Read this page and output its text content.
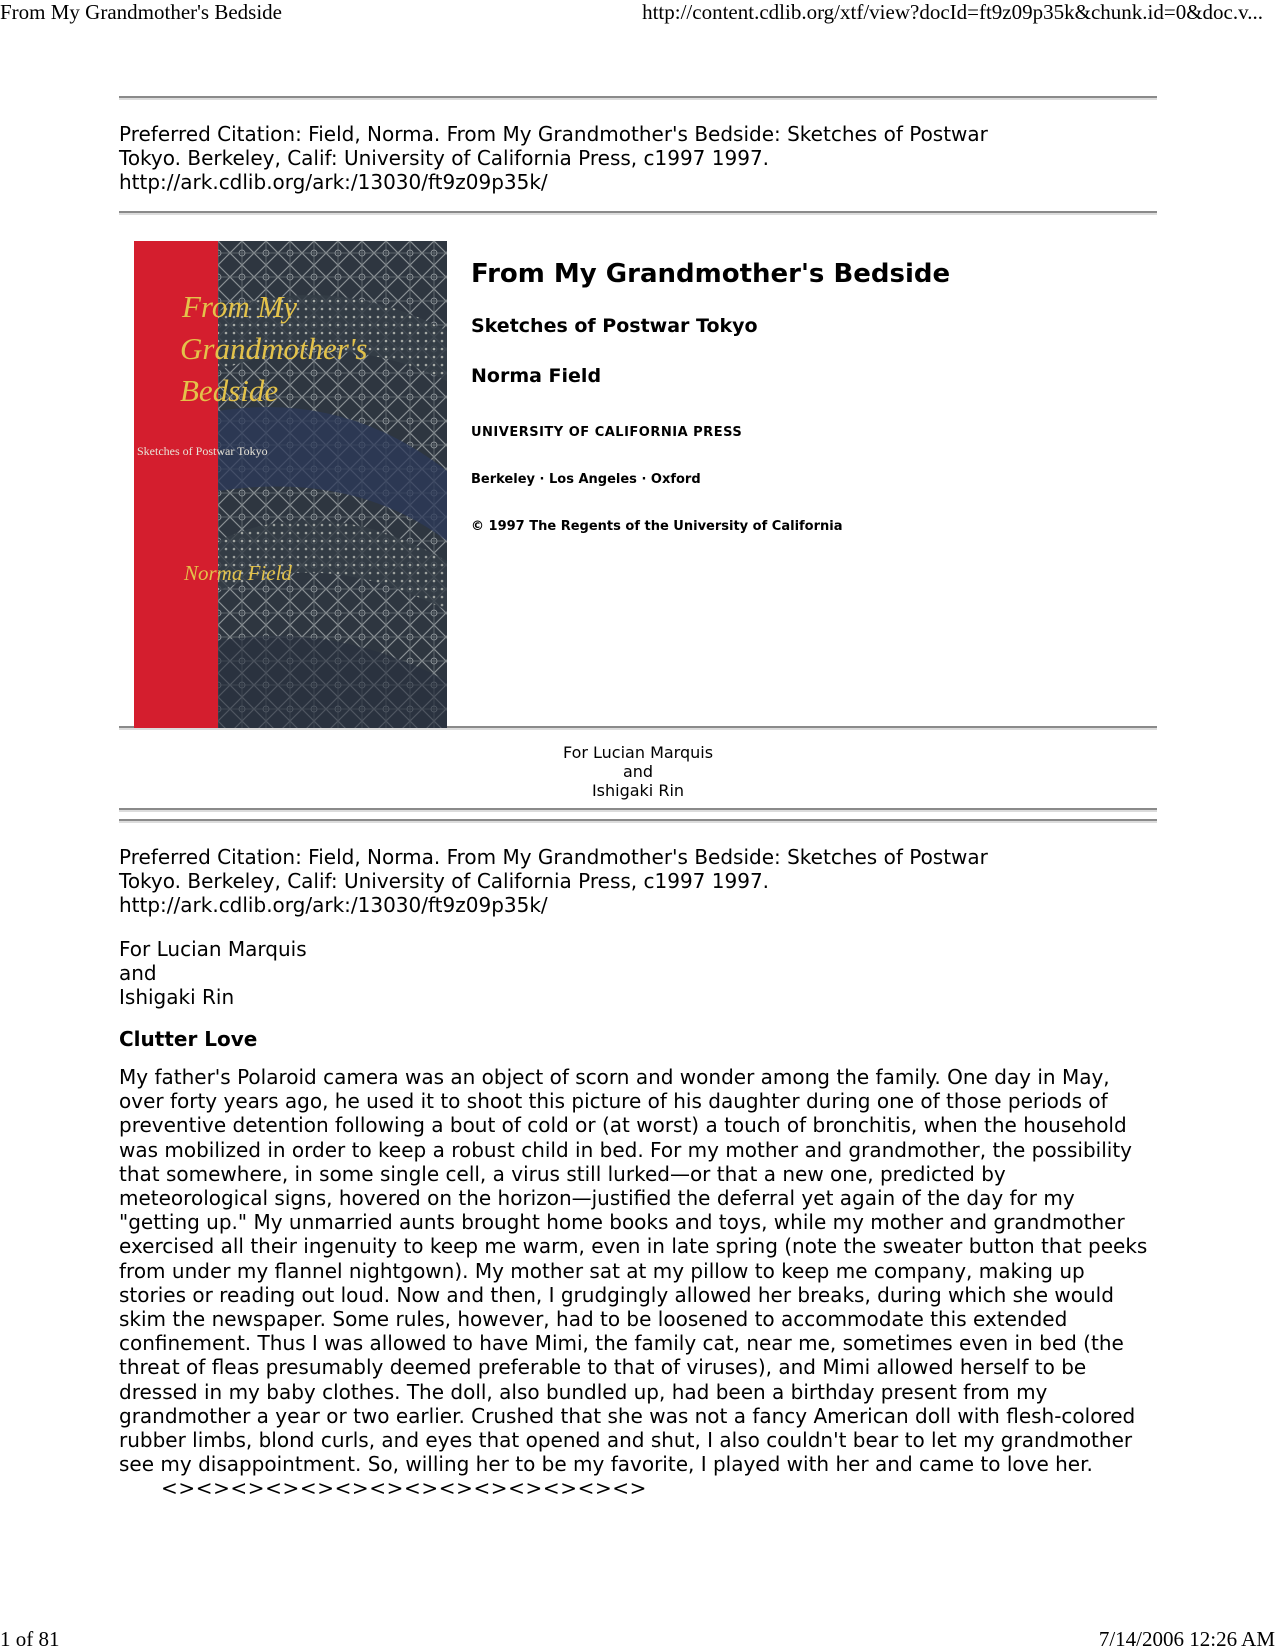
From My Grandmother's Bedside	http://content.cdlib.org/xtf/view?docId=ft9z09p35k&chunk.id=0&doc.v...
Preferred Citation: Field, Norma. From My Grandmother's Bedside: Sketches of Postwar
Tokyo. Berkeley, Calif: University of California Press, c1997 1997.
http://ark.cdlib.org/ark:/13030/ft9z09p35k/
From My
Grandmother's
Bedside
Sketches of Postwar Tokyo
Norma Field
From My Grandmother's Bedside
Sketches of Postwar Tokyo
Norma Field
UNIVERSITY OF CALIFORNIA PRESS
Berkeley · Los Angeles · Oxford
© 1997 The Regents of the University of California
For Lucian Marquis
and
Ishigaki Rin
Preferred Citation: Field, Norma. From My Grandmother's Bedside: Sketches of Postwar
Tokyo. Berkeley, Calif: University of California Press, c1997 1997.
http://ark.cdlib.org/ark:/13030/ft9z09p35k/
For Lucian Marquis
and
Ishigaki Rin
Clutter Love

My father's Polaroid camera was an object of scorn and wonder among the family. One day in May,
over forty years ago, he used it to shoot this picture of his daughter during one of those periods of
preventive detention following a bout of cold or (at worst) a touch of bronchitis, when the household
was mobilized in order to keep a robust child in bed. For my mother and grandmother, the possibility
that somewhere, in some single cell, a virus still lurked—or that a new one, predicted by
meteorological signs, hovered on the horizon—justified the deferral yet again of the day for my
"getting up." My unmarried aunts brought home books and toys, while my mother and grandmother
exercised all their ingenuity to keep me warm, even in late spring (note the sweater button that peeks
from under my flannel nightgown). My mother sat at my pillow to keep me company, making up
stories or reading out loud. Now and then, I grudgingly allowed her breaks, during which she would
skim the newspaper. Some rules, however, had to be loosened to accommodate this extended
confinement. Thus I was allowed to have Mimi, the family cat, near me, sometimes even in bed (the
threat of fleas presumably deemed preferable to that of viruses), and Mimi allowed herself to be
dressed in my baby clothes. The doll, also bundled up, had been a birthday present from my
grandmother a year or two earlier. Crushed that she was not a fancy American doll with flesh-colored
rubber limbs, blond curls, and eyes that opened and shut, I also couldn't bear to let my grandmother
see my disappointment. So, willing her to be my favorite, I played with her and came to love her.

<><><><><><><><><><><><><><>
1 of 81	7/14/2006 12:26 AM
